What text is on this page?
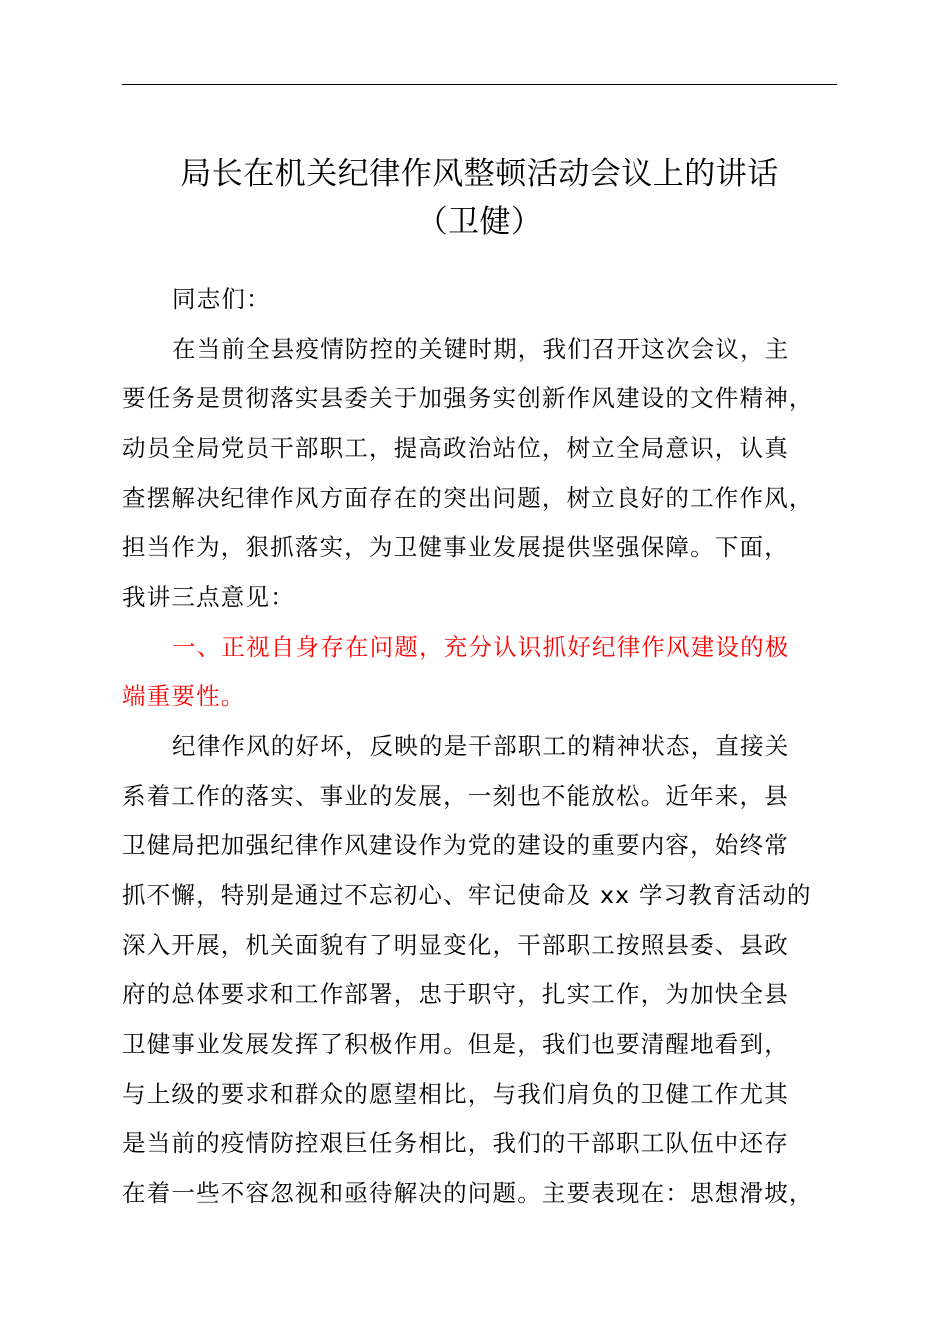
局长在机关纪律作风整顿活动会议上的讲话
（卫健）
同志们：
在当前全县疫情防控的关键时期，我们召开这次会议，主
要任务是贯彻落实县委关于加强务实创新作风建设的文件精神，
动员全局党员干部职工，提高政治站位，树立全局意识，认真
查摆解决纪律作风方面存在的突出问题，树立良好的工作作风，
担当作为，狠抓落实，为卫健事业发展提供坚强保障。下面，
我讲三点意见：
一、正视自身存在问题，充分认识抓好纪律作风建设的极
端重要性。
纪律作风的好坏，反映的是干部职工的精神状态，直接关
系着工作的落实、事业的发展，一刻也不能放松。近年来，县
卫健局把加强纪律作风建设作为党的建设的重要内容，始终常
抓不懈，特别是通过不忘初心、牢记使命及 xx 学习教育活动的
深入开展，机关面貌有了明显变化，干部职工按照县委、县政
府的总体要求和工作部署，忠于职守，扎实工作，为加快全县
卫健事业发展发挥了积极作用。但是，我们也要清醒地看到，
与上级的要求和群众的愿望相比，与我们肩负的卫健工作尤其
是当前的疫情防控艰巨任务相比，我们的干部职工队伍中还存
在着一些不容忽视和亟待解决的问题。主要表现在：思想滑坡，
